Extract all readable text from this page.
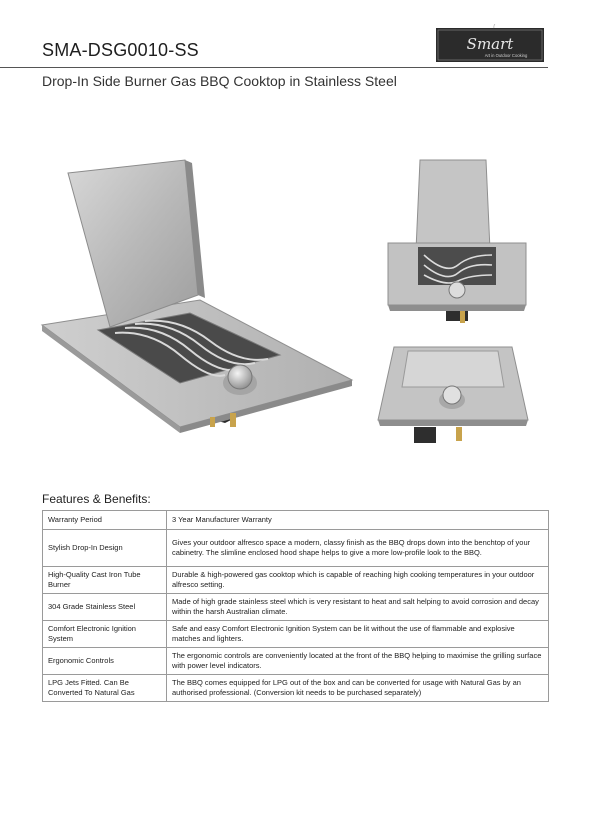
SMA-DSG0010-SS	Smart
Art in Outdoor Cooking
Drop-In Side Burner Gas BBQ Cooktop in Stainless Steel
Features & Benefits:
Warranty Period	3 Year Manufacturer Warranty
Stylish Drop-In Design	Gives your outdoor alfresco space a modern, classy finish as the BBQ drops down into the benchtop of your cabinetry. The slimline enclosed hood shape helps to give a more low-profile look to the BBQ.
High-Quality Cast Iron Tube Burner	Durable & high-powered gas cooktop which is capable of reaching high cooking temperatures in your outdoor alfresco setting.
304 Grade Stainless Steel	Made of high grade stainless steel which is very resistant to heat and salt helping to avoid corrosion and decay within the harsh Australian climate.
Comfort Electronic Ignition System	Safe and easy Comfort Electronic Ignition System can be lit without the use of flammable and explosive matches and lighters.
Ergonomic Controls	The ergonomic controls are conveniently located at the front of the BBQ helping to maximise the grilling surface with power level indicators.
LPG Jets Fitted. Can Be Converted To Natural Gas	The BBQ comes equipped for LPG out of the box and can be converted for usage with Natural Gas by an authorised professional. (Conversion kit needs to be purchased separately)
